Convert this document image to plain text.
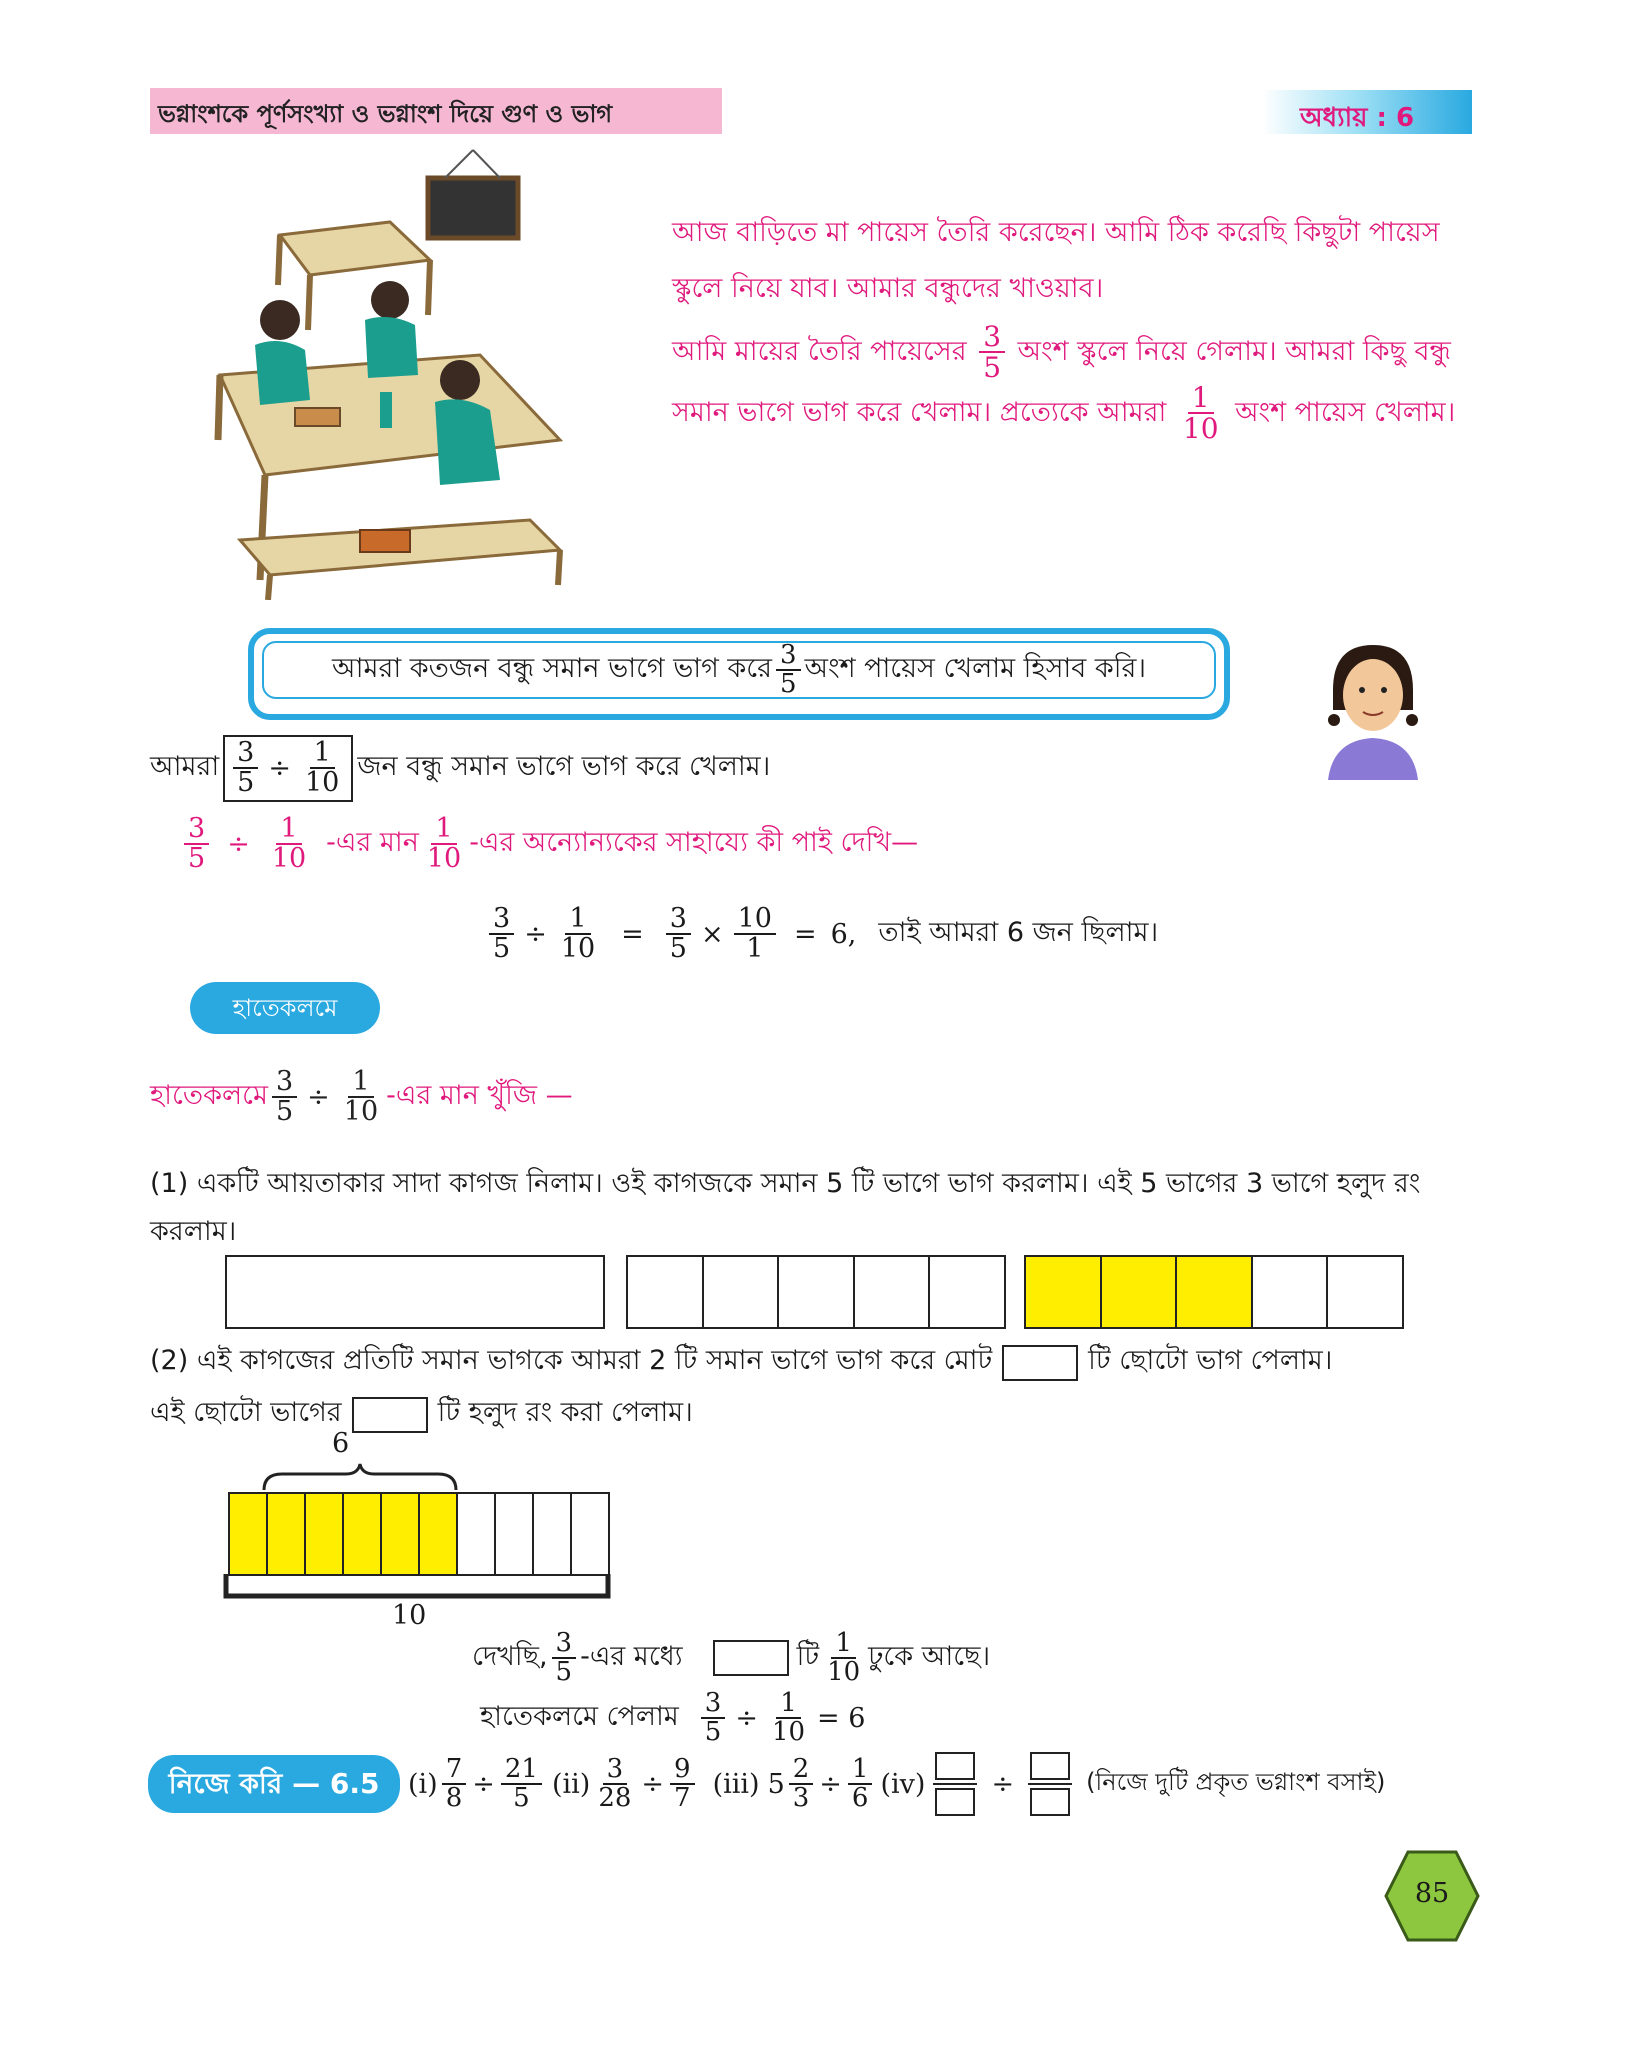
ভগ্নাংশকে পূর্ণসংখ্যা ও ভগ্নাংশ দিয়ে গুণ ও ভাগ	অধ্যায় : 6
আজ বাড়িতে মা পায়েস তৈরি করেছেন। আমি ঠিক করেছি কিছুটা পায়েস স্কুলে নিয়ে যাব। আমার বন্ধুদের খাওয়াব।
আমি মায়ের তৈরি পায়েসের $\frac{3}{5}$ অংশ স্কুলে নিয়ে গেলাম। আমরা কিছু বন্ধু সমান ভাগে ভাগ করে খেলাম। প্রত্যেকে আমরা $\frac{1}{10}$ অংশ পায়েস খেলাম।
আমরা কতজন বন্ধু সমান ভাগে ভাগ করে $\frac{3}{5}$ অংশ পায়েস খেলাম হিসাব করি।
আমরা $\frac{3}{5} \div \frac{1}{10}$ জন বন্ধু সমান ভাগে ভাগ করে খেলাম।
$\frac{3}{5} \div \frac{1}{10}$ -এর মান $\frac{1}{10}$ -এর অন্যোন্যকের সাহায্যে কী পাই দেখি—
$\frac{3}{5} \div \frac{1}{10} = \frac{3}{5} \times \frac{10}{1} = 6$, তাই আমরা 6 জন ছিলাম।
হাতেকলমে
হাতেকলমে $\frac{3}{5} \div \frac{1}{10}$ -এর মান খুঁজি —
(1) একটি আয়তাকার সাদা কাগজ নিলাম। ওই কাগজকে সমান 5 টি ভাগে ভাগ করলাম। এই 5 ভাগের 3 ভাগে হলুদ রং করলাম।
(2) এই কাগজের প্রতিটি সমান ভাগকে আমরা 2 টি সমান ভাগে ভাগ করে মোট	টি ছোটো ভাগ পেলাম।
এই ছোটো ভাগের	টি হলুদ রং করা পেলাম।
6
10
দেখছি, $\frac{3}{5}$ -এর মধ্যে	টি $\frac{1}{10}$ ঢুকে আছে।
হাতেকলমে পেলাম $\frac{3}{5} \div \frac{1}{10} = 6$
নিজে করি — 6.5	$(i) \frac{7}{8} \div \frac{21}{5} (ii) \frac{3}{28} \div \frac{9}{7} (iii)$ $5 \frac{2}{3} \div \frac{1}{6} (iv)$ ÷	(নিজে দুটি প্রকৃত ভগ্নাংশ বসাই)
85
